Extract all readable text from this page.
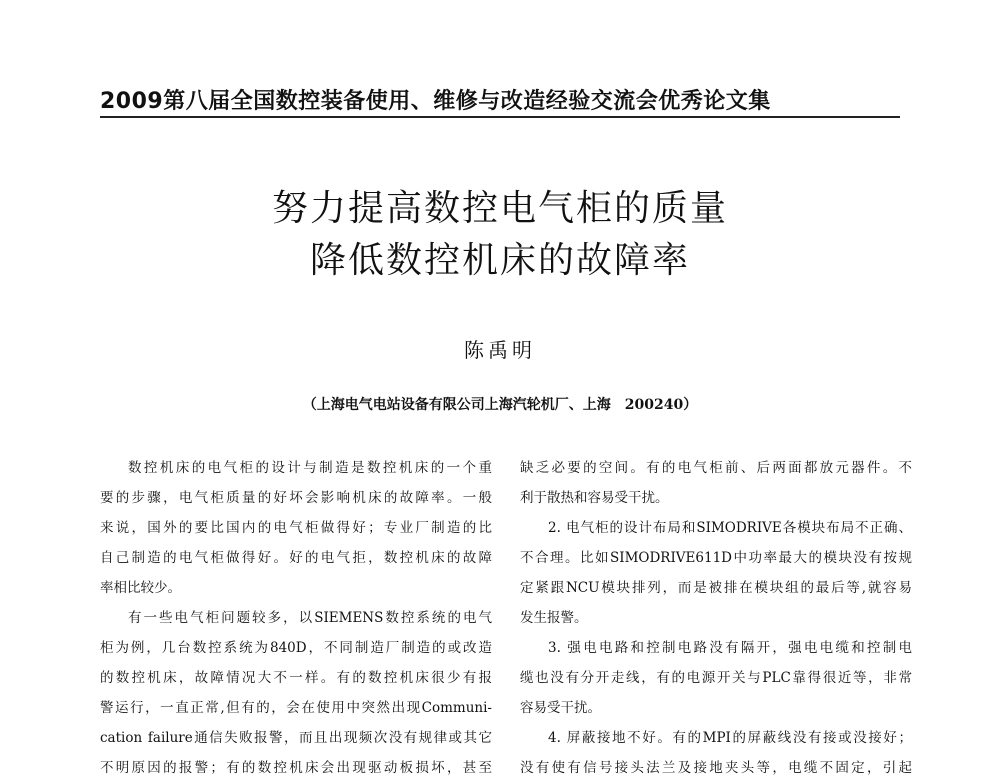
2009第八届全国数控装备使用、维修与改造经验交流会优秀论文集
努力提高数控电气柜的质量
降低数控机床的故障率
陈禹明
（上海电气电站设备有限公司上海汽轮机厂、上海　200240）
数控机床的电气柜的设计与制造是数控机床的一个重
要的步骤，电气柜质量的好坏会影响机床的故障率。一般
来说，国外的要比国内的电气柜做得好；专业厂制造的比
自己制造的电气柜做得好。好的电气拒，数控机床的故障
率相比较少。
有一些电气柜问题较多，以SIEMENS数控系统的电气
柜为例，几台数控系统为840D，不同制造厂制造的或改造
的数控机床，故障情况大不一样。有的数控机床很少有报
警运行，一直正常,但有的，会在使用中突然出现Communi-
cation failure通信失败报警，而且出现频次没有规律或其它
不明原因的报警；有的数控机床会出现驱动板损坏，甚至
缺乏必要的空间。有的电气柜前、后两面都放元器件。不
利于散热和容易受干扰。
2. 电气柜的设计布局和SIMODRIVE各模块布局不正确、
不合理。比如SIMODRIVE611D中功率最大的模块没有按规
定紧跟NCU模块排列，而是被排在模块组的最后等,就容易
发生报警。
3. 强电电路和控制电路没有隔开，强电电缆和控制电
缆也没有分开走线，有的电源开关与PLC靠得很近等，非常
容易受干扰。
4. 屏蔽接地不好。有的MPI的屏蔽线没有接或没接好；
没有使有信号接头法兰及接地夹头等，电缆不固定，引起
